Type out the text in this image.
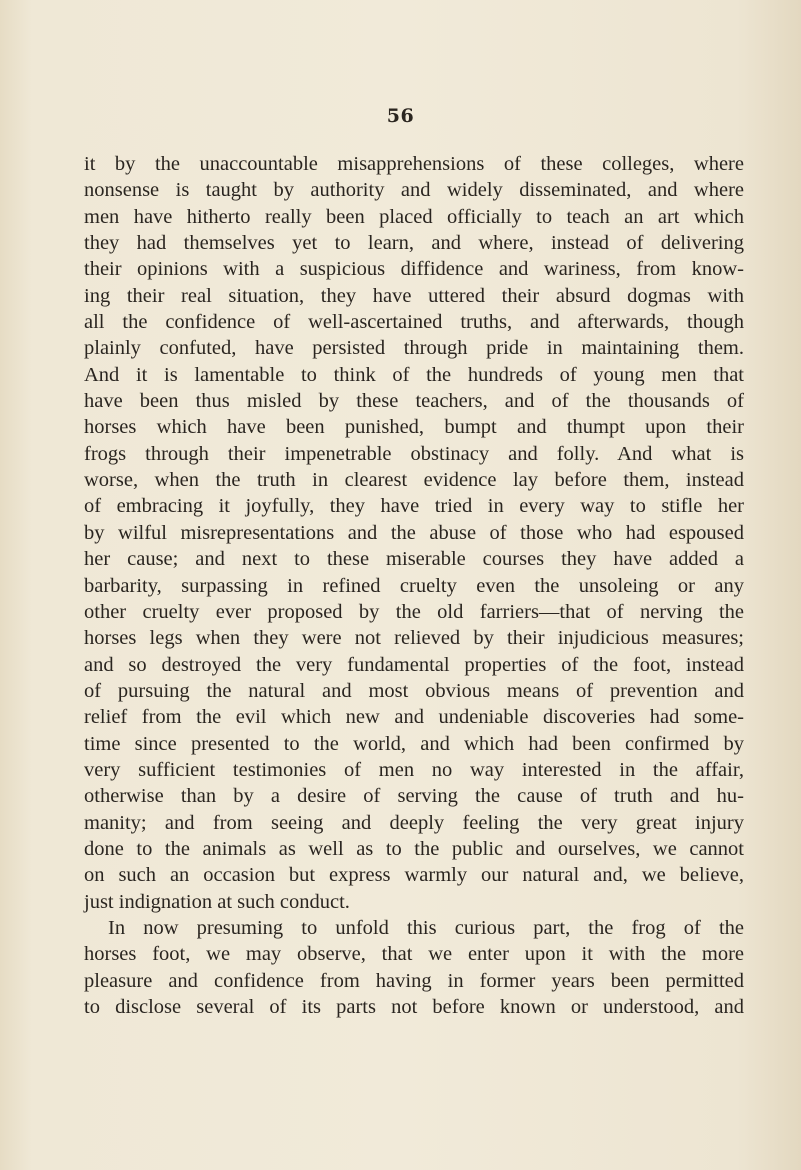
56
it by the unaccountable misapprehensions of these colleges, where
nonsense is taught by authority and widely disseminated, and where
men have hitherto really been placed officially to teach an art which
they had themselves yet to learn, and where, instead of delivering
their opinions with a suspicious diffidence and wariness, from know-
ing their real situation, they have uttered their absurd dogmas with
all the confidence of well-ascertained truths, and afterwards, though
plainly confuted, have persisted through pride in maintaining them.
And it is lamentable to think of the hundreds of young men that
have been thus misled by these teachers, and of the thousands of
horses which have been punished, bumpt and thumpt upon their
frogs through their impenetrable obstinacy and folly. And what is
worse, when the truth in clearest evidence lay before them, instead
of embracing it joyfully, they have tried in every way to stifle her
by wilful misrepresentations and the abuse of those who had espoused
her cause; and next to these miserable courses they have added a
barbarity, surpassing in refined cruelty even the unsoleing or any
other cruelty ever proposed by the old farriers—that of nerving the
horses legs when they were not relieved by their injudicious measures;
and so destroyed the very fundamental properties of the foot, instead
of pursuing the natural and most obvious means of prevention and
relief from the evil which new and undeniable discoveries had some-
time since presented to the world, and which had been confirmed by
very sufficient testimonies of men no way interested in the affair,
otherwise than by a desire of serving the cause of truth and hu-
manity; and from seeing and deeply feeling the very great injury
done to the animals as well as to the public and ourselves, we cannot
on such an occasion but express warmly our natural and, we believe,
just indignation at such conduct.
In now presuming to unfold this curious part, the frog of the
horses foot, we may observe, that we enter upon it with the more
pleasure and confidence from having in former years been permitted
to disclose several of its parts not before known or understood, and
